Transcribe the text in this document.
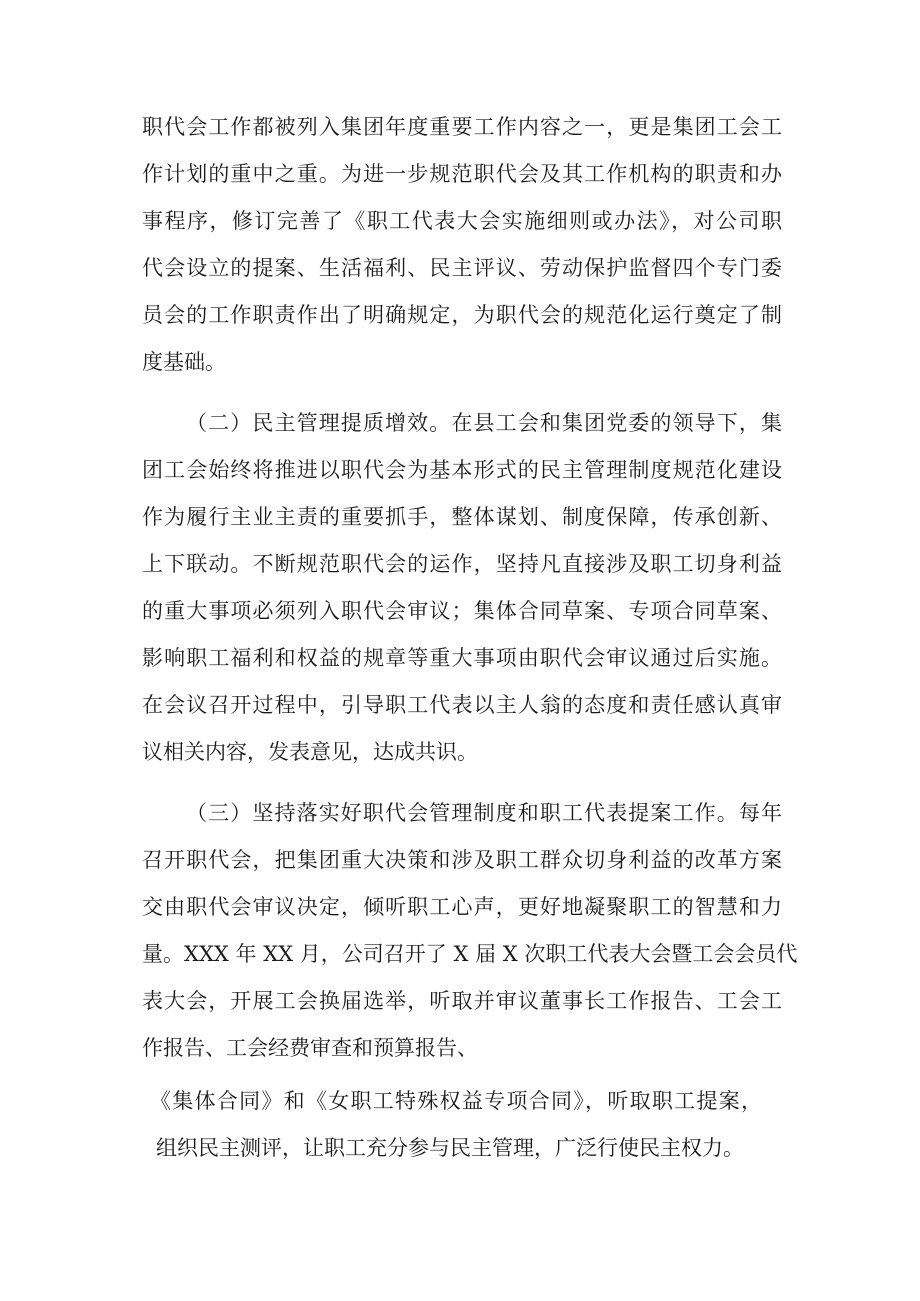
职代会工作都被列入集团年度重要工作内容之一，更是集团工会工
作计划的重中之重。为进一步规范职代会及其工作机构的职责和办
事程序，修订完善了《职工代表大会实施细则或办法》，对公司职
代会设立的提案、生活福利、民主评议、劳动保护监督四个专门委
员会的工作职责作出了明确规定，为职代会的规范化运行奠定了制
度基础。
（二）民主管理提质增效。在县工会和集团党委的领导下，集
团工会始终将推进以职代会为基本形式的民主管理制度规范化建设
作为履行主业主责的重要抓手，整体谋划、制度保障，传承创新、
上下联动。不断规范职代会的运作，坚持凡直接涉及职工切身利益
的重大事项必须列入职代会审议；集体合同草案、专项合同草案、
影响职工福利和权益的规章等重大事项由职代会审议通过后实施。
在会议召开过程中，引导职工代表以主人翁的态度和责任感认真审
议相关内容，发表意见，达成共识。
（三）坚持落实好职代会管理制度和职工代表提案工作。每年
召开职代会，把集团重大决策和涉及职工群众切身利益的改革方案
交由职代会审议决定，倾听职工心声，更好地凝聚职工的智慧和力
量。XXX 年 XX 月，公司召开了 X 届 X 次职工代表大会暨工会会员代
表大会，开展工会换届选举，听取并审议董事长工作报告、工会工
作报告、工会经费审查和预算报告、
《集体合同》和《女职工特殊权益专项合同》，听取职工提案，
组织民主测评，让职工充分参与民主管理，广泛行使民主权力。
